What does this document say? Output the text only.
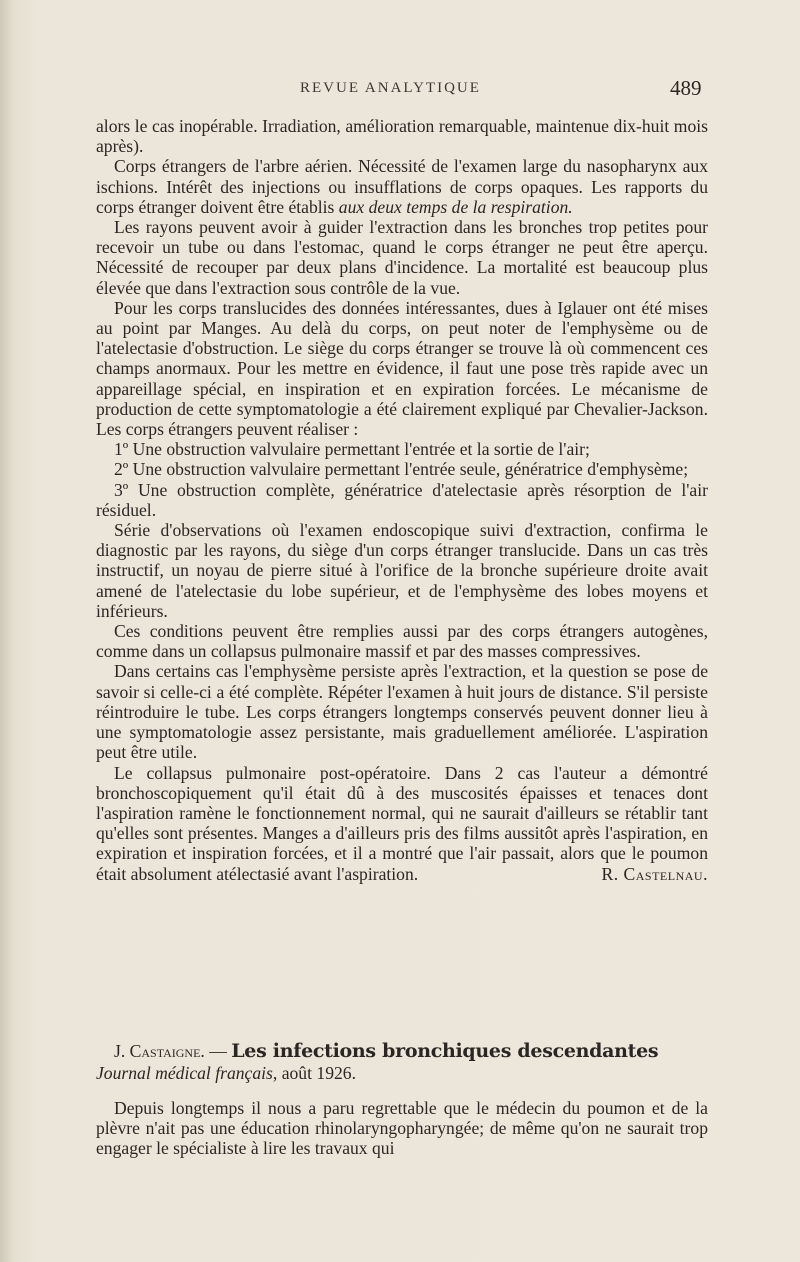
REVUE ANALYTIQUE	489

alors le cas inopérable. Irradiation, amélioration remarquable, maintenue dix-huit mois après).

Corps étrangers de l'arbre aérien. Nécessité de l'examen large du nasopharynx aux ischions. Intérêt des injections ou insufflations de corps opaques. Les rapports du corps étranger doivent être établis aux deux temps de la respiration.

Les rayons peuvent avoir à guider l'extraction dans les bronches trop petites pour recevoir un tube ou dans l'estomac, quand le corps étranger ne peut être aperçu. Nécessité de recouper par deux plans d'incidence. La mortalité est beaucoup plus élevée que dans l'extraction sous contrôle de la vue.

Pour les corps translucides des données intéressantes, dues à Iglauer ont été mises au point par Manges. Au delà du corps, on peut noter de l'emphysème ou de l'atelectasie d'obstruction. Le siège du corps étranger se trouve là où commencent ces champs anormaux. Pour les mettre en évidence, il faut une pose très rapide avec un appareillage spécial, en inspiration et en expiration forcées. Le mécanisme de production de cette symptomatologie a été clairement expliqué par Chevalier-Jackson. Les corps étrangers peuvent réaliser :

1º Une obstruction valvulaire permettant l'entrée et la sortie de l'air;

2º Une obstruction valvulaire permettant l'entrée seule, génératrice d'emphysème;

3º Une obstruction complète, génératrice d'atelectasie après résorption de l'air résiduel.

Série d'observations où l'examen endoscopique suivi d'extraction, confirma le diagnostic par les rayons, du siège d'un corps étranger translucide. Dans un cas très instructif, un noyau de pierre situé à l'orifice de la bronche supérieure droite avait amené de l'atelectasie du lobe supérieur, et de l'emphysème des lobes moyens et inférieurs.

Ces conditions peuvent être remplies aussi par des corps étrangers autogènes, comme dans un collapsus pulmonaire massif et par des masses compressives.

Dans certains cas l'emphysème persiste après l'extraction, et la question se pose de savoir si celle-ci a été complète. Répéter l'examen à huit jours de distance. S'il persiste réintroduire le tube. Les corps étrangers longtemps conservés peuvent donner lieu à une symptomatologie assez persistante, mais graduellement améliorée. L'aspiration peut être utile.

Le collapsus pulmonaire post-opératoire. Dans 2 cas l'auteur a démontré bronchoscopiquement qu'il était dû à des muscosités épaisses et tenaces dont l'aspiration ramène le fonctionnement normal, qui ne saurait d'ailleurs se rétablir tant qu'elles sont présentes. Manges a d'ailleurs pris des films aussitôt après l'aspiration, en expiration et inspiration forcées, et il a montré que l'air passait, alors que le poumon était absolument atélectasié avant l'aspiration.	R. Castelnau.

J. Castaigne. — Les infections bronchiques descendantes
Journal médical français, août 1926.

Depuis longtemps il nous a paru regrettable que le médecin du poumon et de la plèvre n'ait pas une éducation rhinolaryngopharyngée; de même qu'on ne saurait trop engager le spécialiste à lire les travaux qui
